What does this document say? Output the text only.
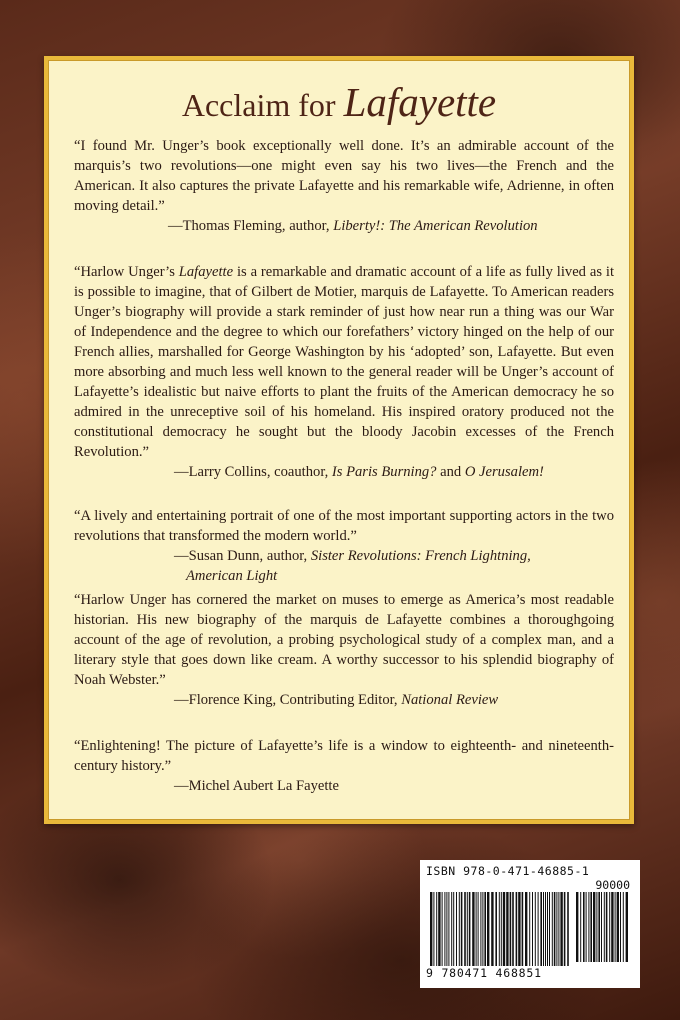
Acclaim for Lafayette

“I found Mr. Unger’s book exceptionally well done. It’s an admirable account of the marquis’s two revolutions—one might even say his two lives—the French and the American. It also captures the private Lafayette and his remarkable wife, Adrienne, in often moving detail.”

—Thomas Fleming, author, Liberty!: The American Revolution

“Harlow Unger’s Lafayette is a remarkable and dramatic account of a life as fully lived as it is possible to imagine, that of Gilbert de Motier, marquis de Lafayette. To American readers Unger’s biography will provide a stark reminder of just how near run a thing was our War of Independence and the degree to which our forefathers’ victory hinged on the help of our French allies, marshalled for George Washington by his ‘adopted’ son, Lafayette. But even more absorbing and much less well known to the general reader will be Unger’s account of Lafayette’s idealistic but naive efforts to plant the fruits of the American democracy he so admired in the unreceptive soil of his homeland. His inspired oratory produced not the constitutional democracy he sought but the bloody Jacobin excesses of the French Revolution.”

—Larry Collins, coauthor, Is Paris Burning? and O Jerusalem!

“A lively and entertaining portrait of one of the most important supporting actors in the two revolutions that transformed the modern world.”

—Susan Dunn, author, Sister Revolutions: French Lightning,
American Light

“Harlow Unger has cornered the market on muses to emerge as America’s most readable historian. His new biography of the marquis de Lafayette combines a thoroughgoing account of the age of revolution, a probing psychological study of a complex man, and a literary style that goes down like cream. A worthy successor to his splendid biography of Noah Webster.”

—Florence King, Contributing Editor, National Review

“Enlightening! The picture of Lafayette’s life is a window to eighteenth- and nineteenth-century history.”

—Michel Aubert La Fayette
ISBN 978-0-471-46885-1
90000
9 780471 468851
